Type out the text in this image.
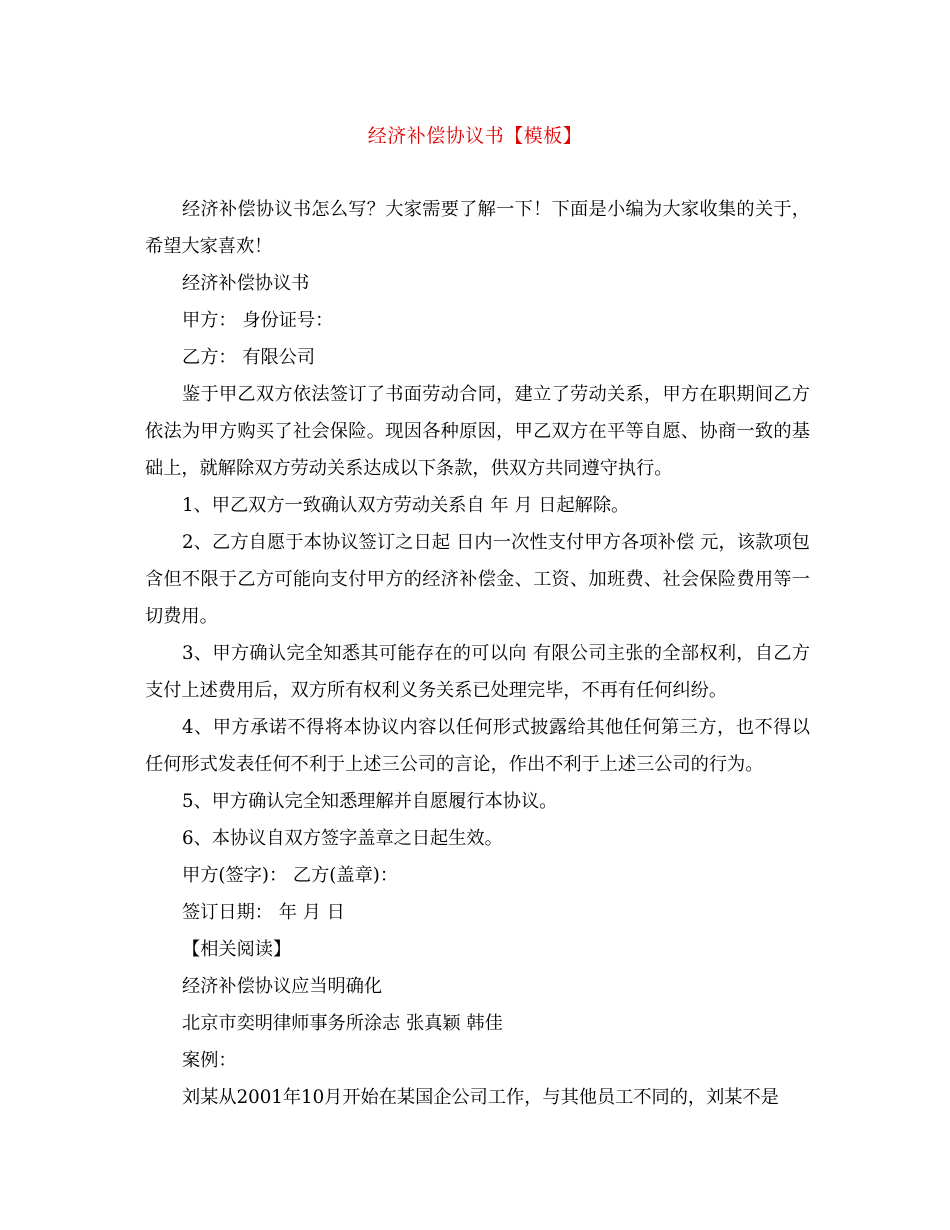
经济补偿协议书【模板】

经济补偿协议书怎么写？大家需要了解一下！下面是小编为大家收集的关于，希望大家喜欢！

经济补偿协议书

甲方： 身份证号：

乙方： 有限公司

鉴于甲乙双方依法签订了书面劳动合同，建立了劳动关系，甲方在职期间乙方依法为甲方购买了社会保险。现因各种原因，甲乙双方在平等自愿、协商一致的基础上，就解除双方劳动关系达成以下条款，供双方共同遵守执行。

1、甲乙双方一致确认双方劳动关系自 年 月 日起解除。

2、乙方自愿于本协议签订之日起 日内一次性支付甲方各项补偿 元，该款项包含但不限于乙方可能向支付甲方的经济补偿金、工资、加班费、社会保险费用等一切费用。

3、甲方确认完全知悉其可能存在的可以向 有限公司主张的全部权利，自乙方支付上述费用后，双方所有权利义务关系已处理完毕，不再有任何纠纷。

4、甲方承诺不得将本协议内容以任何形式披露给其他任何第三方，也不得以任何形式发表任何不利于上述三公司的言论，作出不利于上述三公司的行为。

5、甲方确认完全知悉理解并自愿履行本协议。

6、本协议自双方签字盖章之日起生效。

甲方(签字)： 乙方(盖章)：

签订日期： 年 月 日

【相关阅读】

经济补偿协议应当明确化

北京市奕明律师事务所涂志 张真颖 韩佳

案例：

刘某从2001年10月开始在某国企公司工作，与其他员工不同的，刘某不是
